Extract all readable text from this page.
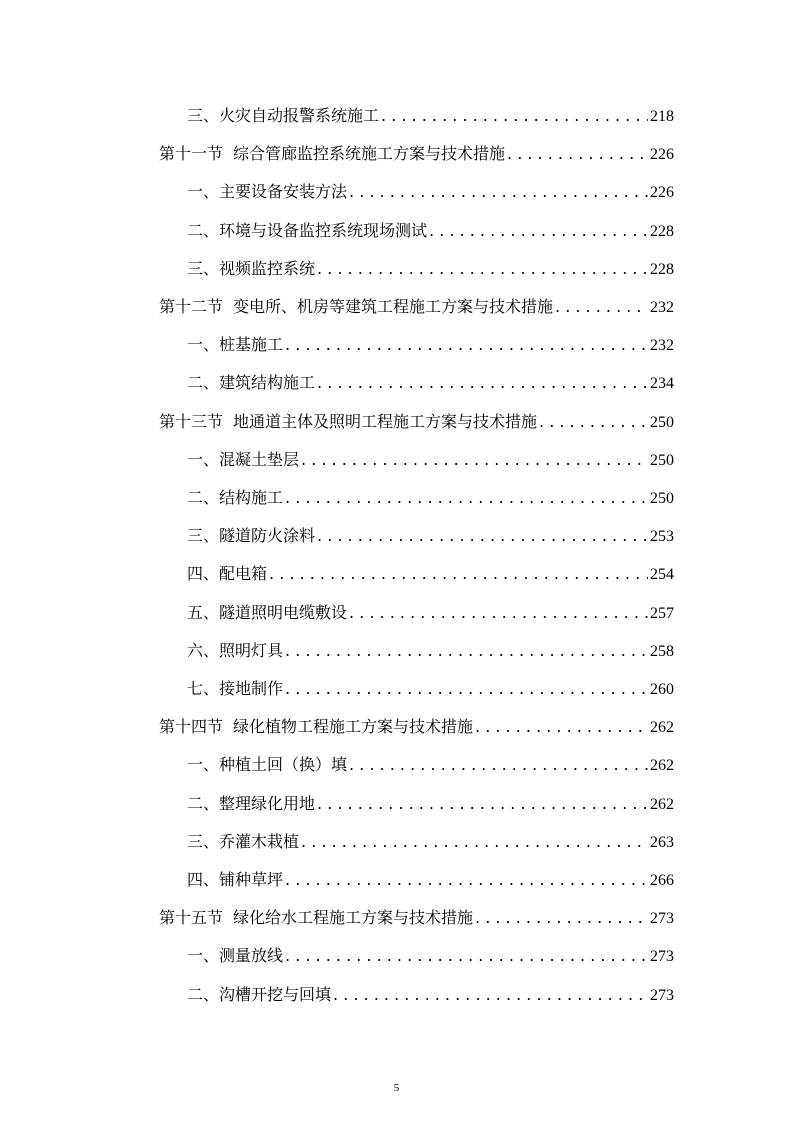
三、 火灾自动报警系统施工 . . .	218
第十一节 综合管廊监控系统施工方案与技术措施 . . .	226
一、 主要设备安装方法 . . .	226
二、 环境与设备监控系统现场测试 . . .	228
三、 视频监控系统 . . .	228
第十二节 变电所、机房等建筑工程施工方案与技术措施 . . .	232
一、 桩基施工 . . .	232
二、 建筑结构施工 . . .	234
第十三节 地通道主体及照明工程施工方案与技术措施 . . .	250
一、 混凝土垫层 . . .	250
二、 结构施工 . . .	250
三、 隧道防火涂料 . . .	253
四、 配电箱 . . .	254
五、 隧道照明电缆敷设 . . .	257
六、 照明灯具 . . .	258
七、 接地制作 . . .	260
第十四节 绿化植物工程施工方案与技术措施 . . .	262
一、 种植土回（换）填 . . .	262
二、 整理绿化用地 . . .	262
三、 乔灌木栽植 . . .	263
四、 铺种草坪 . . .	266
第十五节 绿化给水工程施工方案与技术措施 . . .	273
一、 测量放线 . . .	273
二、 沟槽开挖与回填 . . .	273
5
